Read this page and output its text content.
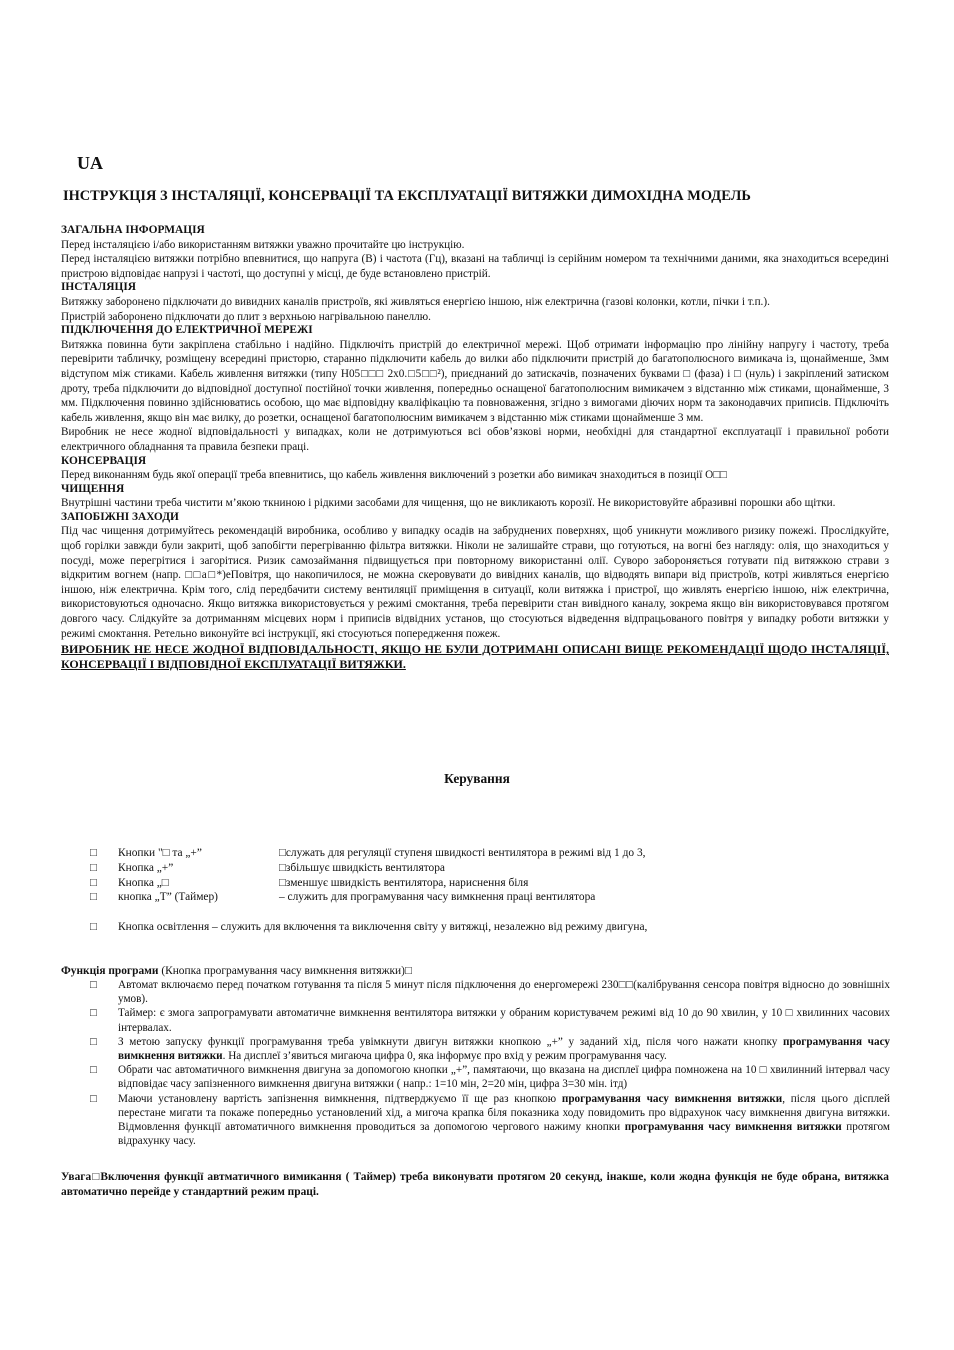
UA
ІНСТРУКЦІЯ З ІНСТАЛЯЦІЇ, КОНСЕРВАЦІЇ ТА ЕКСПЛУАТАЦІЇ ВИТЯЖКИ ДИМОХІДНА МОДЕЛЬ
ЗАГАЛЬНА ІНФОРМАЦІЯ

Перед інсталяцією і/або використанням витяжки уважно прочитайте цю інструкцію.

Перед інсталяцією витяжки потрібно впевнитися, що напруга (В) і частота (Гц), вказані на табличці із серійним номером та технічними даними, яка знаходиться всередині пристрою відповідає напрузі і частоті, що доступні у місці, де буде встановлено пристрій.

ІНСТАЛЯЦІЯ

Витяжку заборонено підключати до вивидних каналів пристроїв, які живляться енергією іншою, ніж електрична (газові колонки, котли, пічки і т.п.).

Пристрій заборонено підключати до плит з верхньою нагрівальною панеллю.

ПІДКЛЮЧЕННЯ ДО ЕЛЕКТРИЧНОЇ МЕРЕЖІ

Витяжка повинна бути закріплена стабільно і надійно. Підключіть пристрій до електричної мережі. Щоб отримати інформацію про лінійну напругу і частоту, треба перевірити табличку, розміщену всередині присторю, старанно підключити кабель до вилки або підключити пристрій до багатополюсного вимикача із, щонайменше, 3мм відступом між стиками. Кабель живлення витяжки (типу H05□□□ 2x0.□5□□²), приєднаний до затискачів, позначених буквами □ (фаза) і □ (нуль) і закріплений затиском дроту, треба підключити до відповідної доступної постійної точки живлення, попередньо оснащеної багатополюсним вимикачем з відстанню між стиками, щонайменше, 3 мм. Підключення повинно здійснюватись особою, що має відповідну кваліфікацію та повноваження, згідно з вимогами діючих норм та законодавчих приписів. Підключіть кабель живлення, якщо він має вилку, до розетки, оснащеної багатополюсним вимикачем з відстанню між стиками щонайменше 3 мм.

Виробник не несе жодної відповідальності у випадках, коли не дотримуються всі обов’язкові норми, необхідні для стандартної експлуатації і правильної роботи електричного обладнання та правила безпеки праці.

КОНСЕРВАЦІЯ

Перед виконанням будь якої операції треба впевнитись, що кабель живлення виключений з розетки або вимикач знаходиться в позиції O□□

ЧИЩЕННЯ

Внутрішні частини треба чистити м’якою ткниною і рідкими засобами для чищення, що не викликають корозії. Не використовуйте абразивні порошки або щітки.

ЗАПОБІЖНІ ЗАХОДИ

Під час чищення дотримуйтесь рекомендацій виробника, особливо у випадку осадів на забруднених поверхнях, щоб уникнути можливого ризику пожежі. Прослідкуйте, щоб горілки завжди були закриті, щоб запобігти перегріванню фільтра витяжки. Ніколи не залишайте страви, що готуються, на вогні без нагляду: олія, що знаходиться у посуді, може перегрітися і загорітися. Ризик самозаймання підвищується при повторному використанні олії. Суворо забороняється готувати під витяжкою страви з відкритим вогнем (напр. □□а□*)еПовітря, що накопичилося, не можна скеровувати до вивідних каналів, що відводять випари від пристроїв, котрі живляться енергією іншою, ніж електрична. Крім того, слід передбачити систему вентиляції приміщення в ситуації, коли витяжка і пристрої, що живлять енергією іншою, ніж електрична, використовуються одночасно. Якщо витяжка використовується у режимі смоктання, треба перевірити стан вивідного каналу, зокрема якщо він використовувався протягом довгого часу. Слідкуйте за дотриманням місцевих норм і приписів відвідних установ, що стосуються відведення відпрацьованого повітря у випадку роботи витяжки у режимі смоктання. Ретельно виконуйте всі інструкції, які стосуються попередження пожеж.

ВИРОБНИК НЕ НЕСЕ ЖОДНОЇ ВІДПОВІДАЛЬНОСТІ, ЯКЩО НЕ БУЛИ ДОТРИМАНІ ОПИСАНІ ВИЩЕ РЕКОМЕНДАЦІЇ ЩОДО ІНСТАЛЯЦІЇ, КОНСЕРВАЦІЇ І ВІДПОВІДНОЇ ЕКСПЛУАТАЦІЇ ВИТЯЖКИ.
Керування
□	Кнопки "□ та „+”	□служать для регуляції ступеня швидкості вентилятора в режимі від 1 до 3,
□	Кнопка „+”	□збільшує швидкість вентилятора
□	Кнопка „□	□зменшує швидкість вентилятора, нариснення біля
□	кнопка „T” (Таймер)	– служить для програмування часу вимкнення праці вентилятора
□	Кнопка освітлення – служить для включення та виключення світу у витяжці, незалежно від режиму двигуна,
Функція програми (Кнопка програмування часу вимкнення витяжки)□
□ Автомат включаємо перед початком готування та після 5 минут після підключення до енергомережі 230□□(калібрування сенсора повітря відносно до зовнішніх умов).
□ Таймер: є змога запрограмувати автоматичне вимкнення вентилятора витяжки у обраним користувачем режимі від 10 до 90 хвилин, у 10 □ хвилинних часових інтервалах.
□ З метою запуску функції програмування треба увімкнути двигун витяжки кнопкою „+” у заданий хід, після чого нажати кнопку програмування часу вимкнення витяжки. На дисплеї з’явиться мигаюча цифра 0, яка інформує про вхід у режим програмування часу.
□ Обрати час автоматичного вимкнення двигуна за допомогою кнопки „+”, памятаючи, що вказана на дисплеї цифра помножена на 10 □ хвилинний інтервал часу відповідає часу запізненного вимкнення двигуна витяжки ( напр.: 1=10 мін, 2=20 мін, цифра 3=30 мін. ітд)
□ Маючи установлену вартість запізнення вимкнення, підтверджуємо її ще раз кнопкою програмування часу вимкнення витяжки, після цього дісплей перестане мигати та покаже попередньо установлений хід, а мигоча крапка біля показника ходу повидомить про відрахунок часу вимкнення двигуна витяжки. Відмовлення функції автоматичного вимкнення проводиться за допомогою чергового нажиму кнопки програмування часу вимкнення витяжки протягом відрахунку часу.
Увага□Включення функції автматичного вимикання ( Таймер) треба виконувати протягом 20 секунд, інакше, коли жодна функція не буде обрана, витяжка автоматично перейде у стандартний режим праці.
